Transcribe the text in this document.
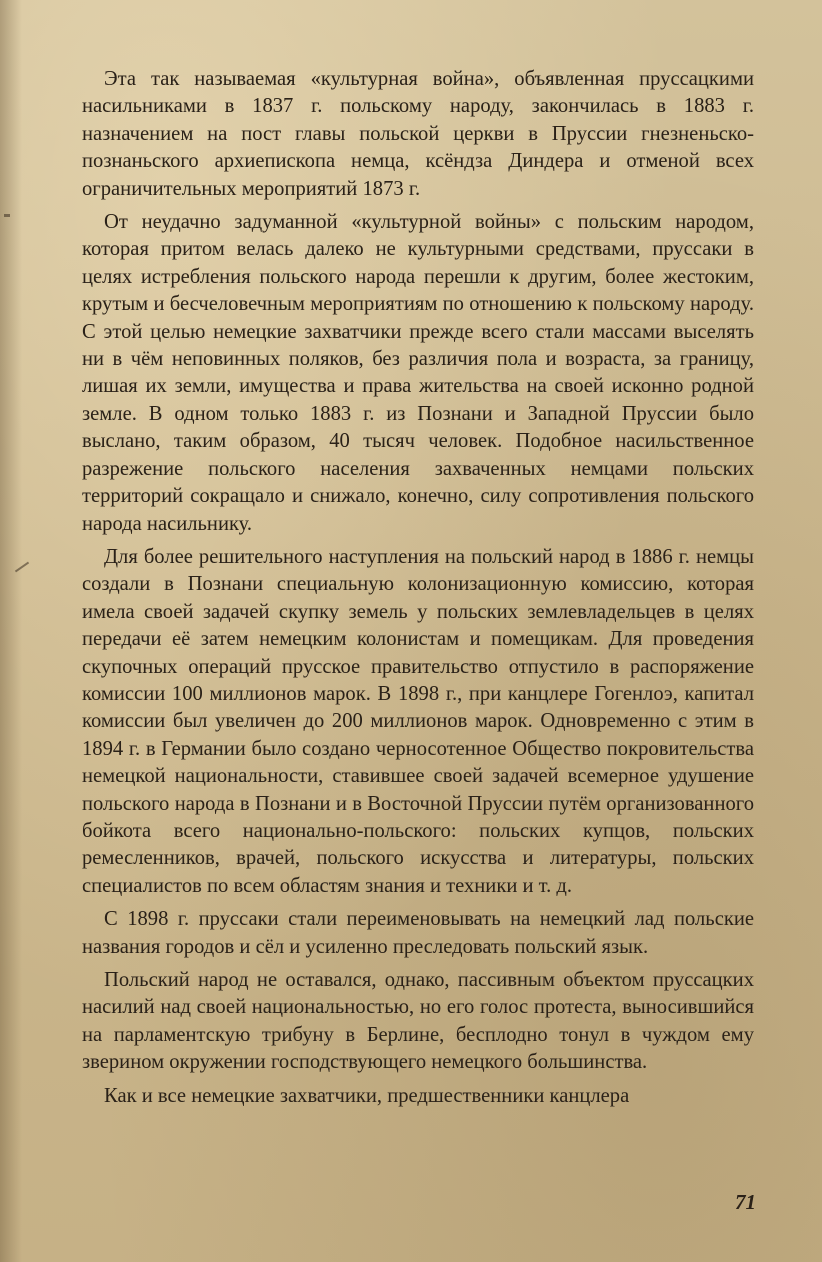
Эта так называемая «культурная война», объявленная прусcацкими насильниками в 1837 г. польскому народу, закончилась в 1883 г. назначением на пост главы польской церкви в Пруссии гнезненьско-познаньского архиепископа немца, ксёндза Диндера и отменой всех ограничительных мероприятий 1873 г.

От неудачно задуманной «культурной войны» с польским народом, которая притом велась далеко не культурными средствами, пруссаки в целях истребления польского народа перешли к другим, более жестоким, крутым и бесчеловечным мероприятиям по отношению к польскому народу. С этой целью немецкие захватчики прежде всего стали массами выселять ни в чём неповинных поляков, без различия пола и возраста, за границу, лишая их земли, имущества и права жительства на своей исконно родной земле. В одном только 1883 г. из Познани и Западной Пруссии было выслано, таким образом, 40 тысяч человек. Подобное насильственное разрежение польского населения захваченных немцами польских территорий сокращало и снижало, конечно, силу сопротивления польского народа насильнику.

Для более решительного наступления на польский народ в 1886 г. немцы создали в Познани специальную колонизационную комиссию, которая имела своей задачей скупку земель у польских землевладельцев в целях передачи её затем немецким колонистам и помещикам. Для проведения скупочных операций прусское правительство отпустило в распоряжение комиссии 100 миллионов марок. В 1898 г., при канцлере Гогенлоэ, капитал комиссии был увеличен до 200 миллионов марок. Одновременно с этим в 1894 г. в Германии было создано черносотенное Общество покровительства немецкой национальности, ставившее своей задачей всемерное удушение польского народа в Познани и в Восточной Пруссии путём организованного бойкота всего национально-польского: польских купцов, польских ремесленников, врачей, польского искусства и литературы, польских специалистов по всем областям знания и техники и т. д.

С 1898 г. пруссаки стали переименовывать на немецкий лад польские названия городов и сёл и усиленно преследовать польский язык.

Польский народ не оставался, однако, пассивным объектом прусcацких насилий над своей национальностью, но его голос протеста, выносившийся на парламентскую трибуну в Берлине, бесплодно тонул в чуждом ему зверином окружении господствующего немецкого большинства.

Как и все немецкие захватчики, предшественники канцлера

71
